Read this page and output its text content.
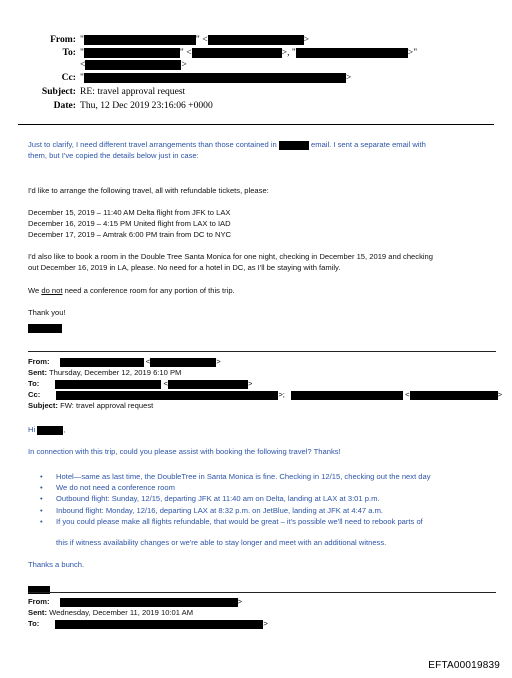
From: "	" <	>
To: "	" <	>, "	>"
<	>
Cc: "	>
Subject: RE: travel approval request
Date: Thu, 12 Dec 2019 23:16:06 +0000
Just to clarify, I need different travel arrangements than those contained in	email. I sent a separate email with
them, but I've copied the details below just in case:
I'd like to arrange the following travel, all with refundable tickets, please:
December 15, 2019 – 11:40 AM Delta flight from JFK to LAX
December 16, 2019 – 4:15 PM United flight from LAX to IAD
December 17, 2019 – Amtrak 6:00 PM train from DC to NYC
I'd also like to book a room in the Double Tree Santa Monica for one night, checking in December 15, 2019 and checking
out December 16, 2019 in LA, please. No need for a hotel in DC, as I'll be staying with family.
We do not need a conference room for any portion of this trip.
Thank you!
From:	<	>
Sent: Thursday, December 12, 2019 6:10 PM
To:	<	>
Cc:	>;	<	>
Subject: FW: travel approval request
Hi	,
In connection with this trip, could you please assist with booking the following travel? Thanks!
• Hotel—same as last time, the DoubleTree in Santa Monica is fine. Checking in 12/15, checking out the next day
• We do not need a conference room
• Outbound flight: Sunday, 12/15, departing JFK at 11:40 am on Delta, landing at LAX at 3:01 p.m.
• Inbound flight: Monday, 12/16, departing LAX at 8:32 p.m. on JetBlue, landing at JFK at 4:47 a.m.
• If you could please make all flights refundable, that would be great – it's possible we'll need to rebook parts of
this if witness availability changes or we're able to stay longer and meet with an additional witness.
Thanks a bunch.
From:	>
Sent: Wednesday, December 11, 2019 10:01 AM
To:	>
EFTA00019839
